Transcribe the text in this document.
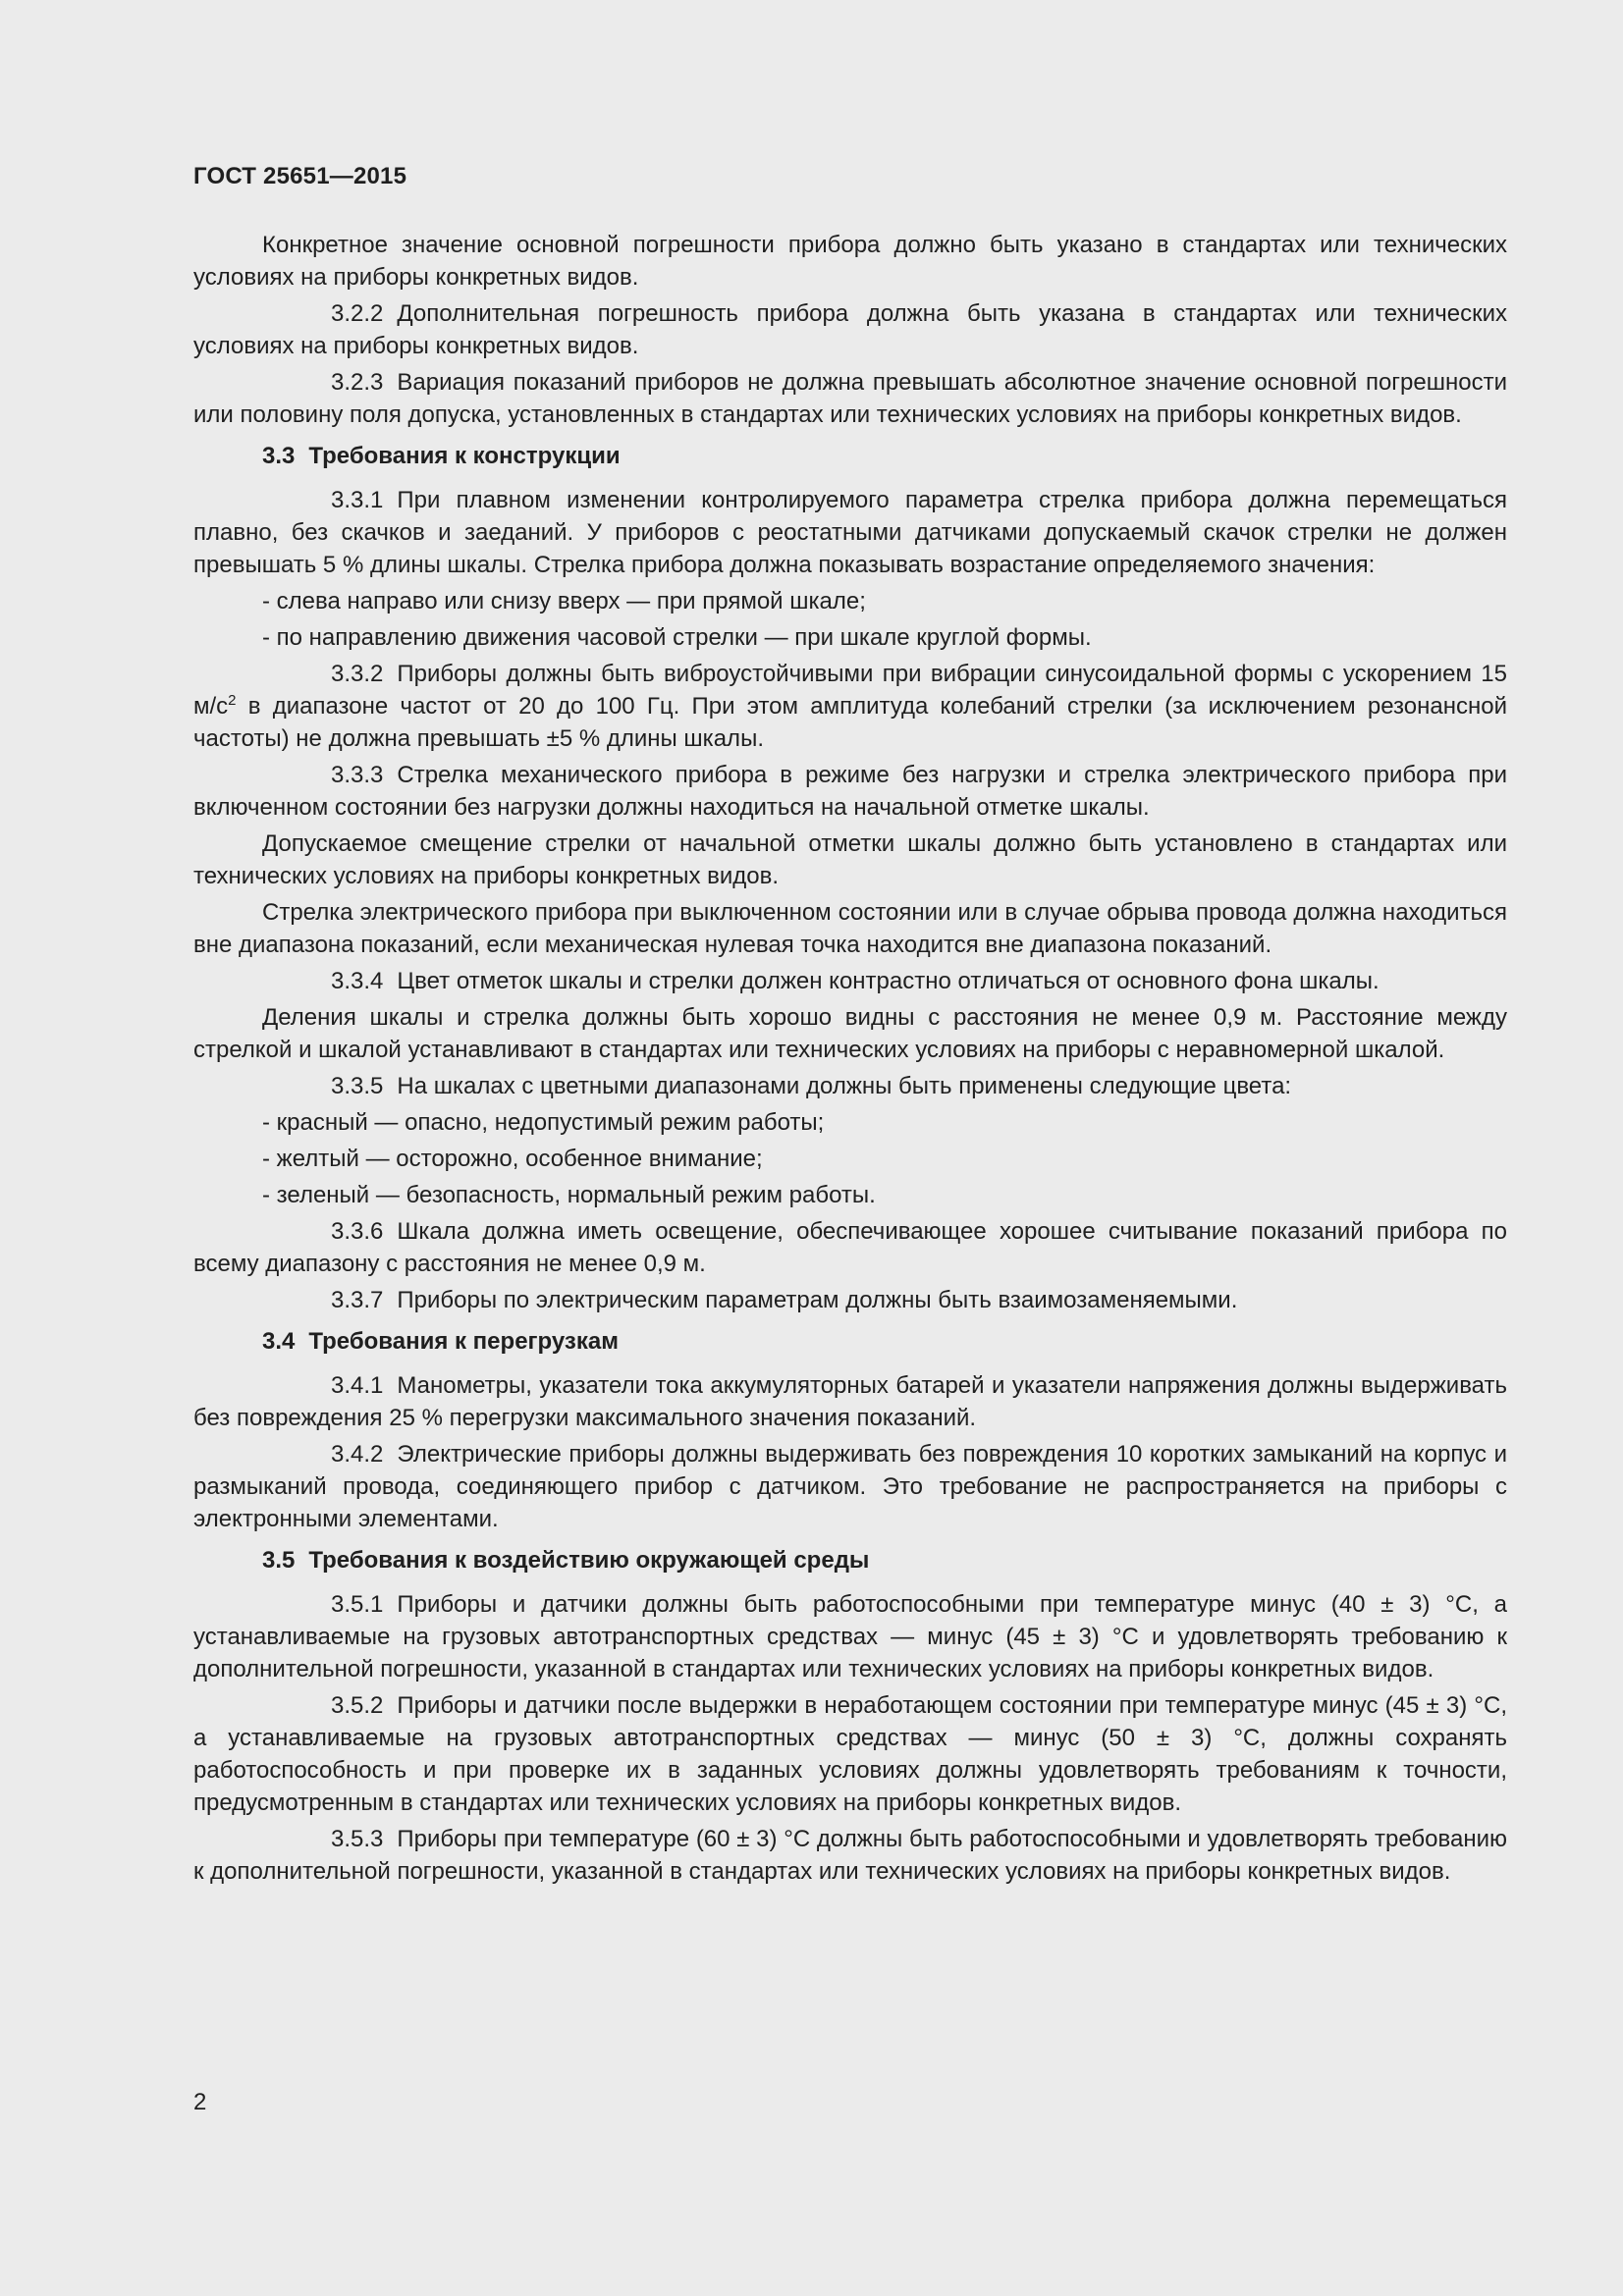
ГОСТ 25651—2015

Конкретное значение основной погрешности прибора должно быть указано в стандартах или технических условиях на приборы конкретных видов.

3.2.2 Дополнительная погрешность прибора должна быть указана в стандартах или технических условиях на приборы конкретных видов.

3.2.3 Вариация показаний приборов не должна превышать абсолютное значение основной погрешности или половину поля допуска, установленных в стандартах или технических условиях на приборы конкретных видов.

3.3 Требования к конструкции

3.3.1 При плавном изменении контролируемого параметра стрелка прибора должна перемещаться плавно, без скачков и заеданий. У приборов с реостатными датчиками допускаемый скачок стрелки не должен превышать 5 % длины шкалы. Стрелка прибора должна показывать возрастание определяемого значения:

- слева направо или снизу вверх — при прямой шкале;

- по направлению движения часовой стрелки — при шкале круглой формы.

3.3.2 Приборы должны быть виброустойчивыми при вибрации синусоидальной формы с ускорением 15 $м/с^2$ в диапазоне частот от 20 до 100 Гц. При этом амплитуда колебаний стрелки (за исключением резонансной частоты) не должна превышать ±5 % длины шкалы.

3.3.3 Стрелка механического прибора в режиме без нагрузки и стрелка электрического прибора при включенном состоянии без нагрузки должны находиться на начальной отметке шкалы.

Допускаемое смещение стрелки от начальной отметки шкалы должно быть установлено в стандартах или технических условиях на приборы конкретных видов.

Стрелка электрического прибора при выключенном состоянии или в случае обрыва провода должна находиться вне диапазона показаний, если механическая нулевая точка находится вне диапазона показаний.

3.3.4 Цвет отметок шкалы и стрелки должен контрастно отличаться от основного фона шкалы.

Деления шкалы и стрелка должны быть хорошо видны с расстояния не менее 0,9 м. Расстояние между стрелкой и шкалой устанавливают в стандартах или технических условиях на приборы с неравномерной шкалой.

3.3.5 На шкалах с цветными диапазонами должны быть применены следующие цвета:

- красный — опасно, недопустимый режим работы;

- желтый — осторожно, особенное внимание;

- зеленый — безопасность, нормальный режим работы.

3.3.6 Шкала должна иметь освещение, обеспечивающее хорошее считывание показаний прибора по всему диапазону с расстояния не менее 0,9 м.

3.3.7 Приборы по электрическим параметрам должны быть взаимозаменяемыми.

3.4 Требования к перегрузкам

3.4.1 Манометры, указатели тока аккумуляторных батарей и указатели напряжения должны выдерживать без повреждения 25 % перегрузки максимального значения показаний.

3.4.2 Электрические приборы должны выдерживать без повреждения 10 коротких замыканий на корпус и размыканий провода, соединяющего прибор с датчиком. Это требование не распространяется на приборы с электронными элементами.

3.5 Требования к воздействию окружающей среды

3.5.1 Приборы и датчики должны быть работоспособными при температуре минус (40 ± 3) °С, а устанавливаемые на грузовых автотранспортных средствах — минус (45 ± 3) °С и удовлетворять требованию к дополнительной погрешности, указанной в стандартах или технических условиях на приборы конкретных видов.

3.5.2 Приборы и датчики после выдержки в неработающем состоянии при температуре минус (45 ± 3) °С, а устанавливаемые на грузовых автотранспортных средствах — минус (50 ± 3) °С, должны сохранять работоспособность и при проверке их в заданных условиях должны удовлетворять требованиям к точности, предусмотренным в стандартах или технических условиях на приборы конкретных видов.

3.5.3 Приборы при температуре (60 ± 3) °С должны быть работоспособными и удовлетворять требованию к дополнительной погрешности, указанной в стандартах или технических условиях на приборы конкретных видов.

2
